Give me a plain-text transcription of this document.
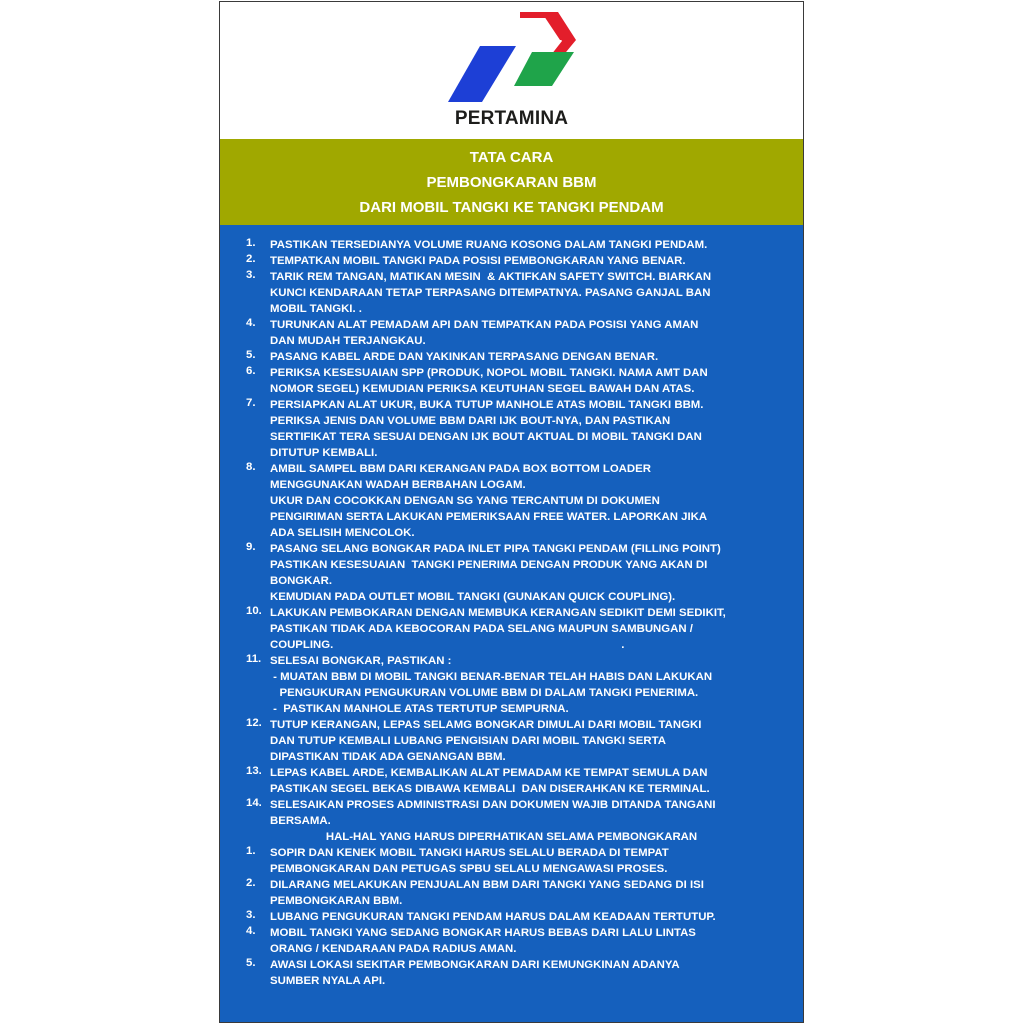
PERTAMINA
TATA CARA
PEMBONGKARAN BBM
DARI MOBIL TANGKI KE TANGKI PENDAM
1. PASTIKAN TERSEDIANYA VOLUME RUANG KOSONG DALAM TANGKI PENDAM.
2. TEMPATKAN MOBIL TANGKI PADA POSISI PEMBONGKARAN YANG BENAR.
3. TARIK REM TANGAN, MATIKAN MESIN  & AKTIFKAN SAFETY SWITCH. BIARKAN
KUNCI KENDARAAN TETAP TERPASANG DITEMPATNYA. PASANG GANJAL BAN
MOBIL TANGKI. .
4. TURUNKAN ALAT PEMADAM API DAN TEMPATKAN PADA POSISI YANG AMAN
DAN MUDAH TERJANGKAU.
5. PASANG KABEL ARDE DAN YAKINKAN TERPASANG DENGAN BENAR.
6. PERIKSA KESESUAIAN SPP (PRODUK, NOPOL MOBIL TANGKI. NAMA AMT DAN
NOMOR SEGEL) KEMUDIAN PERIKSA KEUTUHAN SEGEL BAWAH DAN ATAS.
7. PERSIAPKAN ALAT UKUR, BUKA TUTUP MANHOLE ATAS MOBIL TANGKI BBM.
PERIKSA JENIS DAN VOLUME BBM DARI IJK BOUT-NYA, DAN PASTIKAN
SERTIFIKAT TERA SESUAI DENGAN IJK BOUT AKTUAL DI MOBIL TANGKI DAN
DITUTUP KEMBALI.
8. AMBIL SAMPEL BBM DARI KERANGAN PADA BOX BOTTOM LOADER
MENGGUNAKAN WADAH BERBAHAN LOGAM.
UKUR DAN COCOKKAN DENGAN SG YANG TERCANTUM DI DOKUMEN
PENGIRIMAN SERTA LAKUKAN PEMERIKSAAN FREE WATER. LAPORKAN JIKA
ADA SELISIH MENCOLOK.
9. PASANG SELANG BONGKAR PADA INLET PIPA TANGKI PENDAM (FILLING POINT)
PASTIKAN KESESUAIAN  TANGKI PENERIMA DENGAN PRODUK YANG AKAN DI
BONGKAR.
KEMUDIAN PADA OUTLET MOBIL TANGKI (GUNAKAN QUICK COUPLING).
10. LAKUKAN PEMBOKARAN DENGAN MEMBUKA KERANGAN SEDIKIT DEMI SEDIKIT,
PASTIKAN TIDAK ADA KEBOCORAN PADA SELANG MAUPUN SAMBUNGAN /
COUPLING.                                                                                           .
11. SELESAI BONGKAR, PASTIKAN :
- MUATAN BBM DI MOBIL TANGKI BENAR-BENAR TELAH HABIS DAN LAKUKAN
PENGUKURAN PENGUKURAN VOLUME BBM DI DALAM TANGKI PENERIMA.
-  PASTIKAN MANHOLE ATAS TERTUTUP SEMPURNA.
12. TUTUP KERANGAN, LEPAS SELAMG BONGKAR DIMULAI DARI MOBIL TANGKI
DAN TUTUP KEMBALI LUBANG PENGISIAN DARI MOBIL TANGKI SERTA
DIPASTIKAN TIDAK ADA GENANGAN BBM.
13. LEPAS KABEL ARDE, KEMBALIKAN ALAT PEMADAM KE TEMPAT SEMULA DAN
PASTIKAN SEGEL BEKAS DIBAWA KEMBALI  DAN DISERAHKAN KE TERMINAL.
14. SELESAIKAN PROSES ADMINISTRASI DAN DOKUMEN WAJIB DITANDA TANGANI
BERSAMA.
HAL-HAL YANG HARUS DIPERHATIKAN SELAMA PEMBONGKARAN
1. SOPIR DAN KENEK MOBIL TANGKI HARUS SELALU BERADA DI TEMPAT
PEMBONGKARAN DAN PETUGAS SPBU SELALU MENGAWASI PROSES.
2. DILARANG MELAKUKAN PENJUALAN BBM DARI TANGKI YANG SEDANG DI ISI
PEMBONGKARAN BBM.
3. LUBANG PENGUKURAN TANGKI PENDAM HARUS DALAM KEADAAN TERTUTUP.
4. MOBIL TANGKI YANG SEDANG BONGKAR HARUS BEBAS DARI LALU LINTAS
ORANG / KENDARAAN PADA RADIUS AMAN.
5. AWASI LOKASI SEKITAR PEMBONGKARAN DARI KEMUNGKINAN ADANYA
SUMBER NYALA API.
